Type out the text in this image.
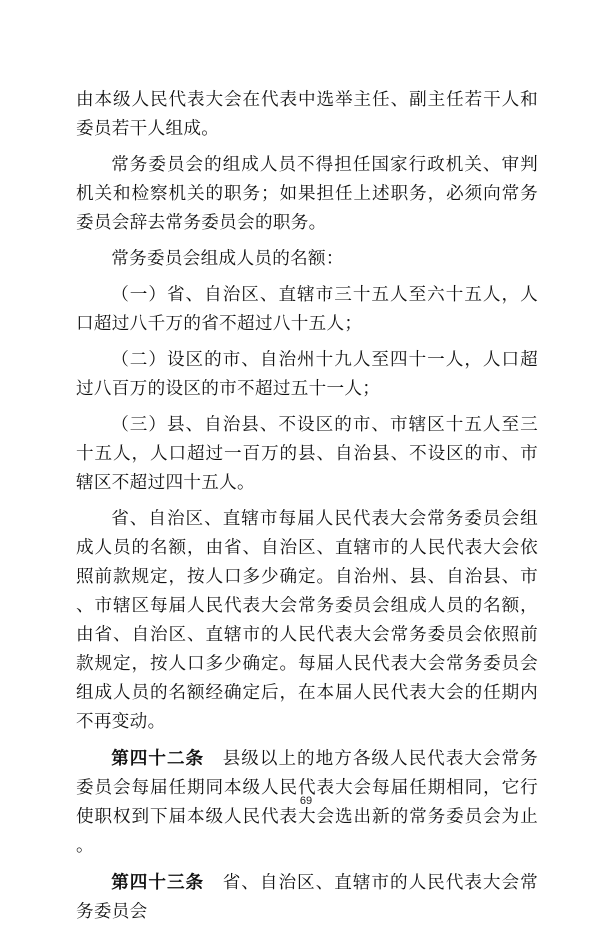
由本级人民代表大会在代表中选举主任、副主任若干人和委员若干人组成。

常务委员会的组成人员不得担任国家行政机关、审判机关和检察机关的职务；如果担任上述职务，必须向常务委员会辞去常务委员会的职务。

常务委员会组成人员的名额：

（一）省、自治区、直辖市三十五人至六十五人，人口超过八千万的省不超过八十五人；

（二）设区的市、自治州十九人至四十一人，人口超过八百万的设区的市不超过五十一人；

（三）县、自治县、不设区的市、市辖区十五人至三十五人，人口超过一百万的县、自治县、不设区的市、市辖区不超过四十五人。

省、自治区、直辖市每届人民代表大会常务委员会组成人员的名额，由省、自治区、直辖市的人民代表大会依照前款规定，按人口多少确定。自治州、县、自治县、市、市辖区每届人民代表大会常务委员会组成人员的名额，由省、自治区、直辖市的人民代表大会常务委员会依照前款规定，按人口多少确定。每届人民代表大会常务委员会组成人员的名额经确定后，在本届人民代表大会的任期内不再变动。

第四十二条　 县级以上的地方各级人民代表大会常务委员会每届任期同本级人民代表大会每届任期相同，它行使职权到下届本级人民代表大会选出新的常务委员会为止。

第四十三条　 省、自治区、直辖市的人民代表大会常务委员会

69
